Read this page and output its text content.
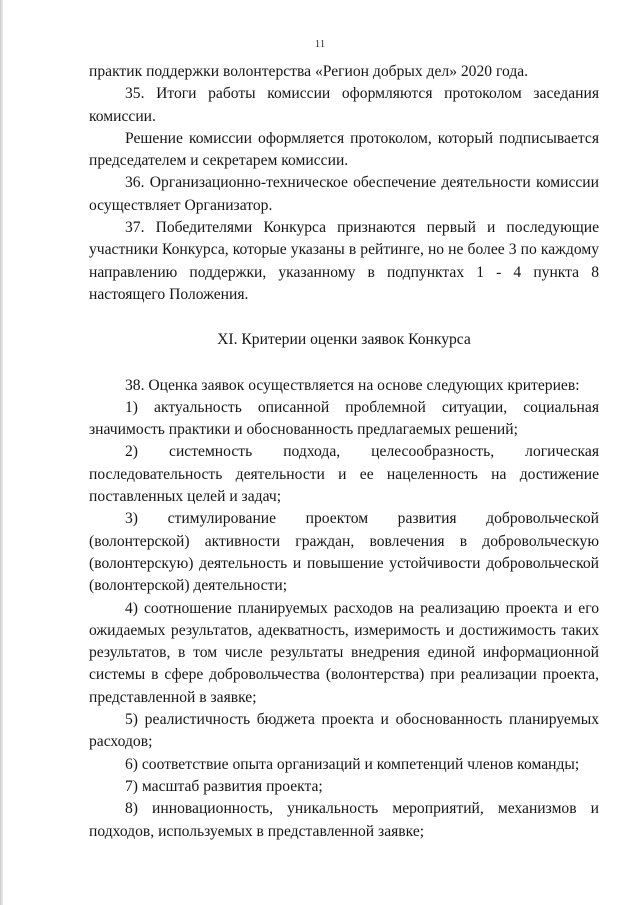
11

практик поддержки волонтерства «Регион добрых дел» 2020 года.

35. Итоги работы комиссии оформляются протоколом заседания комиссии.

Решение комиссии оформляется протоколом, который подписывается председателем и секретарем комиссии.

36. Организационно-техническое обеспечение деятельности комиссии осуществляет Организатор.

37. Победителями Конкурса признаются первый и последующие участники Конкурса, которые указаны в рейтинге, но не более 3 по каждому направлению поддержки, указанному в подпунктах 1 - 4 пункта 8 настоящего Положения.

XI. Критерии оценки заявок Конкурса

38. Оценка заявок осуществляется на основе следующих критериев:

1) актуальность описанной проблемной ситуации, социальная значимость практики и обоснованность предлагаемых решений;

2) системность подхода, целесообразность, логическая последовательность деятельности и ее нацеленность на достижение поставленных целей и задач;

3) стимулирование проектом развития добровольческой (волонтерской) активности граждан, вовлечения в добровольческую (волонтерскую) деятельность и повышение устойчивости добровольческой (волонтерской) деятельности;

4) соотношение планируемых расходов на реализацию проекта и его ожидаемых результатов, адекватность, измеримость и достижимость таких результатов, в том числе результаты внедрения единой информационной системы в сфере добровольчества (волонтерства) при реализации проекта, представленной в заявке;

5) реалистичность бюджета проекта и обоснованность планируемых расходов;

6) соответствие опыта организаций и компетенций членов команды;

7) масштаб развития проекта;

8) инновационность, уникальность мероприятий, механизмов и подходов, используемых в представленной заявке;
